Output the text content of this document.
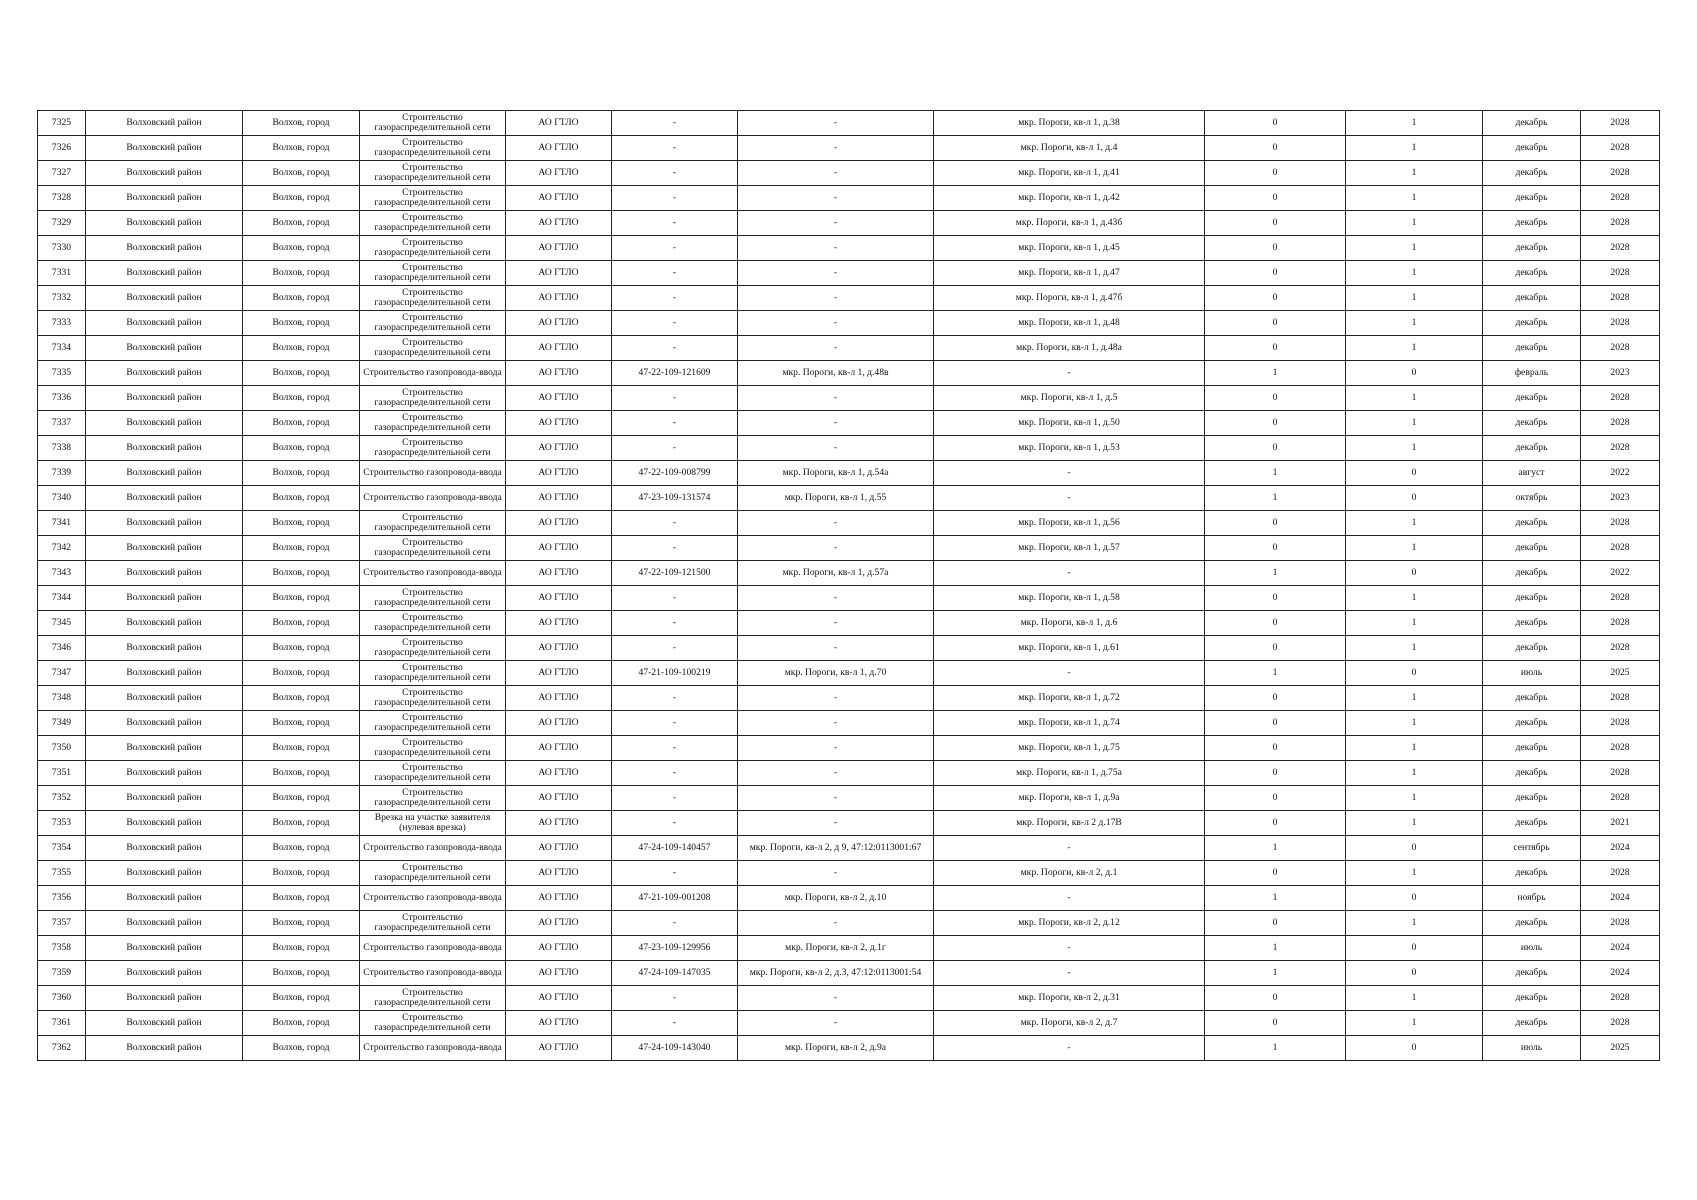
7325	Волховский район	Волхов, город	Строительство газораспределительной сети	АО ГТЛО	-	-	мкр. Пороги, кв-л 1, д.38	0	1	декабрь	2028
7326	Волховский район	Волхов, город	Строительство газораспределительной сети	АО ГТЛО	-	-	мкр. Пороги, кв-л 1, д.4	0	1	декабрь	2028
7327	Волховский район	Волхов, город	Строительство газораспределительной сети	АО ГТЛО	-	-	мкр. Пороги, кв-л 1, д.41	0	1	декабрь	2028
7328	Волховский район	Волхов, город	Строительство газораспределительной сети	АО ГТЛО	-	-	мкр. Пороги, кв-л 1, д.42	0	1	декабрь	2028
7329	Волховский район	Волхов, город	Строительство газораспределительной сети	АО ГТЛО	-	-	мкр. Пороги, кв-л 1, д.43б	0	1	декабрь	2028
7330	Волховский район	Волхов, город	Строительство газораспределительной сети	АО ГТЛО	-	-	мкр. Пороги, кв-л 1, д.45	0	1	декабрь	2028
7331	Волховский район	Волхов, город	Строительство газораспределительной сети	АО ГТЛО	-	-	мкр. Пороги, кв-л 1, д.47	0	1	декабрь	2028
7332	Волховский район	Волхов, город	Строительство газораспределительной сети	АО ГТЛО	-	-	мкр. Пороги, кв-л 1, д.47б	0	1	декабрь	2028
7333	Волховский район	Волхов, город	Строительство газораспределительной сети	АО ГТЛО	-	-	мкр. Пороги, кв-л 1, д.48	0	1	декабрь	2028
7334	Волховский район	Волхов, город	Строительство газораспределительной сети	АО ГТЛО	-	-	мкр. Пороги, кв-л 1, д.48а	0	1	декабрь	2028
7335	Волховский район	Волхов, город	Строительство газопровода-ввода	АО ГТЛО	47-22-109-121609	мкр. Пороги, кв-л 1, д.48в	-	1	0	февраль	2023
7336	Волховский район	Волхов, город	Строительство газораспределительной сети	АО ГТЛО	-	-	мкр. Пороги, кв-л 1, д.5	0	1	декабрь	2028
7337	Волховский район	Волхов, город	Строительство газораспределительной сети	АО ГТЛО	-	-	мкр. Пороги, кв-л 1, д.50	0	1	декабрь	2028
7338	Волховский район	Волхов, город	Строительство газораспределительной сети	АО ГТЛО	-	-	мкр. Пороги, кв-л 1, д.53	0	1	декабрь	2028
7339	Волховский район	Волхов, город	Строительство газопровода-ввода	АО ГТЛО	47-22-109-008799	мкр. Пороги, кв-л 1, д.54а	-	1	0	август	2022
7340	Волховский район	Волхов, город	Строительство газопровода-ввода	АО ГТЛО	47-23-109-131574	мкр. Пороги, кв-л 1, д.55	-	1	0	октябрь	2023
7341	Волховский район	Волхов, город	Строительство газораспределительной сети	АО ГТЛО	-	-	мкр. Пороги, кв-л 1, д.56	0	1	декабрь	2028
7342	Волховский район	Волхов, город	Строительство газораспределительной сети	АО ГТЛО	-	-	мкр. Пороги, кв-л 1, д.57	0	1	декабрь	2028
7343	Волховский район	Волхов, город	Строительство газопровода-ввода	АО ГТЛО	47-22-109-121500	мкр. Пороги, кв-л 1, д.57а	-	1	0	декабрь	2022
7344	Волховский район	Волхов, город	Строительство газораспределительной сети	АО ГТЛО	-	-	мкр. Пороги, кв-л 1, д.58	0	1	декабрь	2028
7345	Волховский район	Волхов, город	Строительство газораспределительной сети	АО ГТЛО	-	-	мкр. Пороги, кв-л 1, д.6	0	1	декабрь	2028
7346	Волховский район	Волхов, город	Строительство газораспределительной сети	АО ГТЛО	-	-	мкр. Пороги, кв-л 1, д.61	0	1	декабрь	2028
7347	Волховский район	Волхов, город	Строительство газораспределительной сети	АО ГТЛО	47-21-109-100219	мкр. Пороги, кв-л 1, д.70	-	1	0	июль	2025
7348	Волховский район	Волхов, город	Строительство газораспределительной сети	АО ГТЛО	-	-	мкр. Пороги, кв-л 1, д.72	0	1	декабрь	2028
7349	Волховский район	Волхов, город	Строительство газораспределительной сети	АО ГТЛО	-	-	мкр. Пороги, кв-л 1, д.74	0	1	декабрь	2028
7350	Волховский район	Волхов, город	Строительство газораспределительной сети	АО ГТЛО	-	-	мкр. Пороги, кв-л 1, д.75	0	1	декабрь	2028
7351	Волховский район	Волхов, город	Строительство газораспределительной сети	АО ГТЛО	-	-	мкр. Пороги, кв-л 1, д.75а	0	1	декабрь	2028
7352	Волховский район	Волхов, город	Строительство газораспределительной сети	АО ГТЛО	-	-	мкр. Пороги, кв-л 1, д.9а	0	1	декабрь	2028
7353	Волховский район	Волхов, город	Врезка на участке заявителя (нулевая врезка)	АО ГТЛО	-	-	мкр. Пороги, кв-л 2 д.17В	0	1	декабрь	2021
7354	Волховский район	Волхов, город	Строительство газопровода-ввода	АО ГТЛО	47-24-109-140457	мкр. Пороги, кв-л 2, д 9, 47:12:0113001:67	-	1	0	сентябрь	2024
7355	Волховский район	Волхов, город	Строительство газораспределительной сети	АО ГТЛО	-	-	мкр. Пороги, кв-л 2, д.1	0	1	декабрь	2028
7356	Волховский район	Волхов, город	Строительство газопровода-ввода	АО ГТЛО	47-21-109-001208	мкр. Пороги, кв-л 2, д.10	-	1	0	ноябрь	2024
7357	Волховский район	Волхов, город	Строительство газораспределительной сети	АО ГТЛО	-	-	мкр. Пороги, кв-л 2, д.12	0	1	декабрь	2028
7358	Волховский район	Волхов, город	Строительство газопровода-ввода	АО ГТЛО	47-23-109-129956	мкр. Пороги, кв-л 2, д.1г	-	1	0	июль	2024
7359	Волховский район	Волхов, город	Строительство газопровода-ввода	АО ГТЛО	47-24-109-147035	мкр. Пороги, кв-л 2, д.3, 47:12:0113001:54	-	1	0	декабрь	2024
7360	Волховский район	Волхов, город	Строительство газораспределительной сети	АО ГТЛО	-	-	мкр. Пороги, кв-л 2, д.31	0	1	декабрь	2028
7361	Волховский район	Волхов, город	Строительство газораспределительной сети	АО ГТЛО	-	-	мкр. Пороги, кв-л 2, д.7	0	1	декабрь	2028
7362	Волховский район	Волхов, город	Строительство газопровода-ввода	АО ГТЛО	47-24-109-143040	мкр. Пороги, кв-л 2, д.9а	-	1	0	июль	2025
